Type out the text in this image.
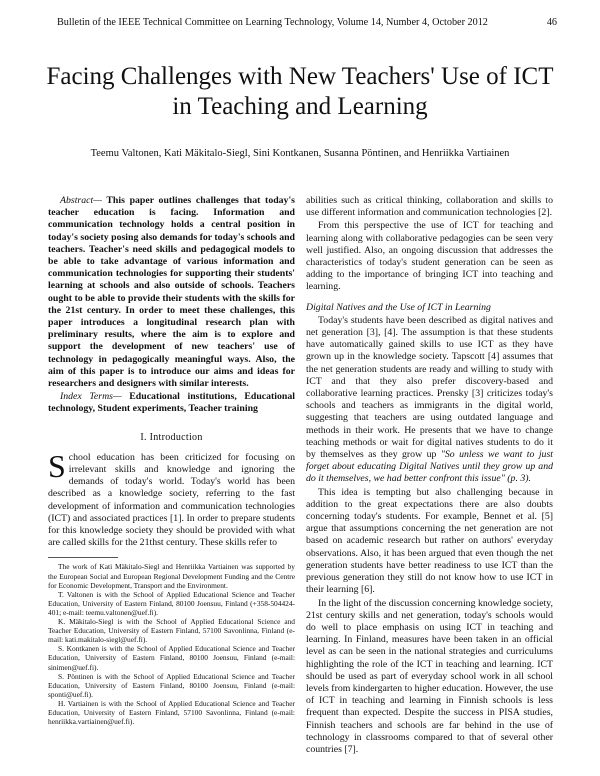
Bulletin of the IEEE Technical Committee on Learning Technology, Volume 14, Number 4, October 2012	46
Facing Challenges with New Teachers' Use of ICT in Teaching and Learning
Teemu Valtonen, Kati Mäkitalo-Siegl, Sini Kontkanen, Susanna Pöntinen, and Henriikka Vartiainen

Abstract— This paper outlines challenges that today's teacher education is facing. Information and communication technology holds a central position in today's society posing also demands for today's schools and teachers. Teacher's need skills and pedagogical models to be able to take advantage of various information and communication technologies for supporting their students' learning at schools and also outside of schools. Teachers ought to be able to provide their students with the skills for the 21st century. In order to meet these challenges, this paper introduces a longitudinal research plan with preliminary results, where the aim is to explore and support the development of new teachers' use of technology in pedagogically meaningful ways. Also, the aim of this paper is to introduce our aims and ideas for researchers and designers with similar interests.

Index Terms— Educational institutions, Educational technology, Student experiments, Teacher training

I. Introduction

School education has been criticized for focusing on irrelevant skills and knowledge and ignoring the demands of today's world. Today's world has been described as a knowledge society, referring to the fast development of information and communication technologies (ICT) and associated practices [1]. In order to prepare students for this knowledge society they should be provided with what are called skills for the 21thst century. These skills refer to

The work of Kati Mäkitalo-Siegl and Henriikka Vartiainen was supported by the European Social and European Regional Development Funding and the Centre for Economic Development, Transport and the Environment.

T. Valtonen is with the School of Applied Educational Science and Teacher Education, University of Eastern Finland, 80100 Joensuu, Finland (+358-504424-401; e-mail: teemu.valtonen@uef.fi).

K. Mäkitalo-Siegl is with the School of Applied Educational Science and Teacher Education, University of Eastern Finland, 57100 Savonlinna, Finland (e-mail: kati.makitalo-siegl@uef.fi).

S. Kontkanen is with the School of Applied Educational Science and Teacher Education, University of Eastern Finland, 80100 Joensuu, Finland (e-mail: sinimen@uef.fi).

S. Pöntinen is with the School of Applied Educational Science and Teacher Education, University of Eastern Finland, 80100 Joensuu, Finland (e-mail: sponti@uef.fi).

H. Vartiainen is with the School of Applied Educational Science and Teacher Education, University of Eastern Finland, 57100 Savonlinna, Finland (e-mail: henriikka.vartiainen@uef.fi).

abilities such as critical thinking, collaboration and skills to use different information and communication technologies [2].

From this perspective the use of ICT for teaching and learning along with collaborative pedagogies can be seen very well justified. Also, an ongoing discussion that addresses the characteristics of today's student generation can be seen as adding to the importance of bringing ICT into teaching and learning.

Digital Natives and the Use of ICT in Learning

Today's students have been described as digital natives and net generation [3], [4]. The assumption is that these students have automatically gained skills to use ICT as they have grown up in the knowledge society. Tapscott [4] assumes that the net generation students are ready and willing to study with ICT and that they also prefer discovery-based and collaborative learning practices. Prensky [3] criticizes today's schools and teachers as immigrants in the digital world, suggesting that teachers are using outdated language and methods in their work. He presents that we have to change teaching methods or wait for digital natives students to do it by themselves as they grow up "So unless we want to just forget about educating Digital Natives until they grow up and do it themselves, we had better confront this issue" (p. 3).

This idea is tempting but also challenging because in addition to the great expectations there are also doubts concerning today's students. For example, Bennet et al. [5] argue that assumptions concerning the net generation are not based on academic research but rather on authors' everyday observations. Also, it has been argued that even though the net generation students have better readiness to use ICT than the previous generation they still do not know how to use ICT in their learning [6].

In the light of the discussion concerning knowledge society, 21st century skills and net generation, today's schools would do well to place emphasis on using ICT in teaching and learning. In Finland, measures have been taken in an official level as can be seen in the national strategies and curriculums highlighting the role of the ICT in teaching and learning. ICT should be used as part of everyday school work in all school levels from kindergarten to higher education. However, the use of ICT in teaching and learning in Finnish schools is less frequent than expected. Despite the success in PISA studies, Finnish teachers and schools are far behind in the use of technology in classrooms compared to that of several other countries [7].
